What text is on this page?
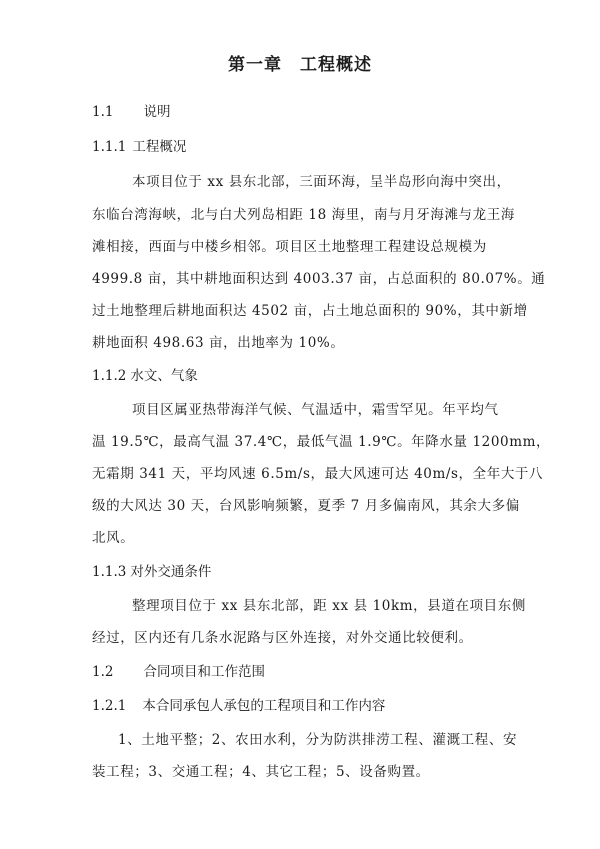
第一章 工程概述
1.1 说明
1.1.1 工程概况
本项目位于 xx 县东北部，三面环海，呈半岛形向海中突出，
东临台湾海峡，北与白犬列岛相距 18 海里，南与月牙海滩与龙王海
滩相接，西面与中楼乡相邻。项目区土地整理工程建设总规模为
4999.8 亩，其中耕地面积达到 4003.37 亩，占总面积的 80.07%。通
过土地整理后耕地面积达 4502 亩，占土地总面积的 90%，其中新增
耕地面积 498.63 亩，出地率为 10%。
1.1.2 水文、气象
项目区属亚热带海洋气候、气温适中，霜雪罕见。年平均气
温 19.5℃，最高气温 37.4℃，最低气温 1.9℃。年降水量 1200mm，
无霜期 341 天，平均风速 6.5m/s，最大风速可达 40m/s，全年大于八
级的大风达 30 天，台风影响频繁，夏季 7 月多偏南风，其余大多偏
北风。
1.1.3 对外交通条件
整理项目位于 xx 县东北部，距 xx 县 10km，县道在项目东侧
经过，区内还有几条水泥路与区外连接，对外交通比较便利。
1.2 合同项目和工作范围
1.2.1 本合同承包人承包的工程项目和工作内容
1、土地平整；2、农田水利，分为防洪排涝工程、灌溉工程、安
装工程；3、交通工程；4、其它工程；5、设备购置。
